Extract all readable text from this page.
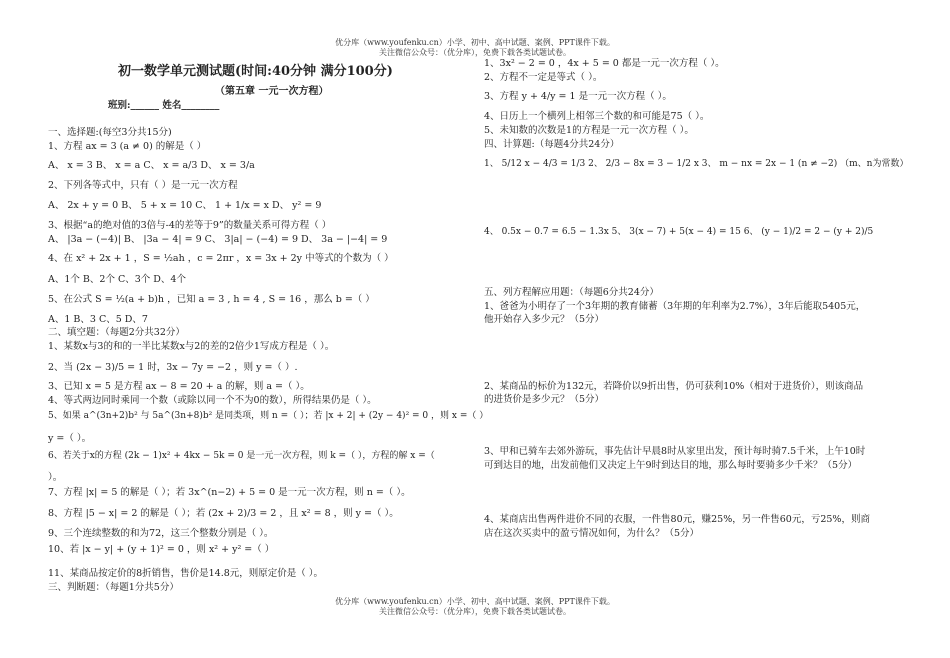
优分库（www.youfenku.cn）小学、初中、高中试题、案例、PPT课件下载。
关注微信公众号：（优分库），免费下载各类试题试卷。
初一数学单元测试题(时间:40分钟 满分100分)
（第五章 一元一次方程）
班别:______ 姓名________
一、选择题:(每空3分共15分)
1、方程 ax = 3 (a ≠ 0) 的解是（ ）
A、 x = 3 B、 x = a C、 x = a/3 D、 x = 3/a
2、下列各等式中，只有（ ）是一元一次方程
A、 2x + y = 0 B、 5 + x = 10 C、 1 + 1/x = x D、 y² = 9
3、根据“a的绝对值的3倍与-4的差等于9”的数量关系可得方程（ ）
A、 |3a − (−4)| B、 |3a − 4| = 9 C、 3|a| − (−4) = 9 D、 3a − |−4| = 9
4、在 x² + 2x + 1 ，S = ½ah ，c = 2πr ，x = 3x + 2y 中等式的个数为（ ）
A、1个 B、2个 C、3个 D、4个
5、在公式 S = ½(a + b)h ，已知 a = 3 , h = 4 , S = 16 ，那么 b =（ ）
A、1 B、3 C、5 D、7
二、填空题：（每题2分共32分）
1、某数x与3的和的一半比某数x与2的差的2倍少1写成方程是（ ）。
2、当 (2x − 3)/5 = 1 时，3x − 7y = −2 ，则 y =（ ）.
3、已知 x = 5 是方程 ax − 8 = 20 + a 的解，则 a =（ ）。
4、等式两边同时乘同一个数（或除以同一个不为0的数），所得结果仍是（ ）。
5、如果 a^(3n+2)b² 与 5a^(3n+8)b² 是同类项，则 n =（ ）；若 |x + 2| + (2y − 4)² = 0 ，则 x =（ ）
y =（ ）。
6、若关于x的方程 (2k − 1)x² + 4kx − 5k = 0 是一元一次方程，则 k =（ ），方程的解 x =（
）。
7、方程 |x| = 5 的解是（ ）；若 3x^(n−2) + 5 = 0 是一元一次方程，则 n =（ ）。
8、方程 |5 − x| = 2 的解是（ ）；若 (2x + 2)/3 = 2 ，且 x² = 8 ，则 y =（ ）。
9、三个连续整数的和为72，这三个整数分别是（ ）。
10、若 |x − y| + (y + 1)² = 0 ，则 x² + y² =（ ）
11、某商品按定价的8折销售，售价是14.8元，则原定价是（ ）。
三、判断题：（每题1分共5分）
1、3x² − 2 = 0 ，4x + 5 = 0 都是一元一次方程（ ）。
2、方程不一定是等式（ ）。
3、方程 y + 4/y = 1 是一元一次方程（ ）。
4、日历上一个横列上相邻三个数的和可能是75（ ）。
5、未知数的次数是1的方程是一元一次方程（ ）。
四、计算题:（每题4分共24分）
1、 5/12 x − 4/3 = 1/3 2、 2/3 − 8x = 3 − 1/2 x 3、 m − nx = 2x − 1 (n ≠ −2) （m、n为常数）
4、 0.5x − 0.7 = 6.5 − 1.3x 5、 3(x − 7) + 5(x − 4) = 15 6、 (y − 1)/2 = 2 − (y + 2)/5
五、列方程解应用题：（每题6分共24分）
1、爸爸为小明存了一个3年期的教育储蓄（3年期的年利率为2.7%），3年后能取5405元，
他开始存入多少元？（5分）
2、某商品的标价为132元，若降价以9折出售，仍可获利10%（相对于进货价），则该商品
的进货价是多少元？（5分）
3、甲和已骑车去郊外游玩，事先估计早晨8时从家里出发，预计每时骑7.5千米，上午10时
可到达目的地，出发前他们又决定上午9时到达目的地，那么每时要骑多少千米？（5分）
4、某商店出售两件进价不同的衣服，一件售80元，赚25%，另一件售60元，亏25%，则商
店在这次买卖中的盈亏情况如何，为什么？（5分）
优分库（www.youfenku.cn）小学、初中、高中试题、案例、PPT课件下载。
关注微信公众号：（优分库），免费下载各类试题试卷。
